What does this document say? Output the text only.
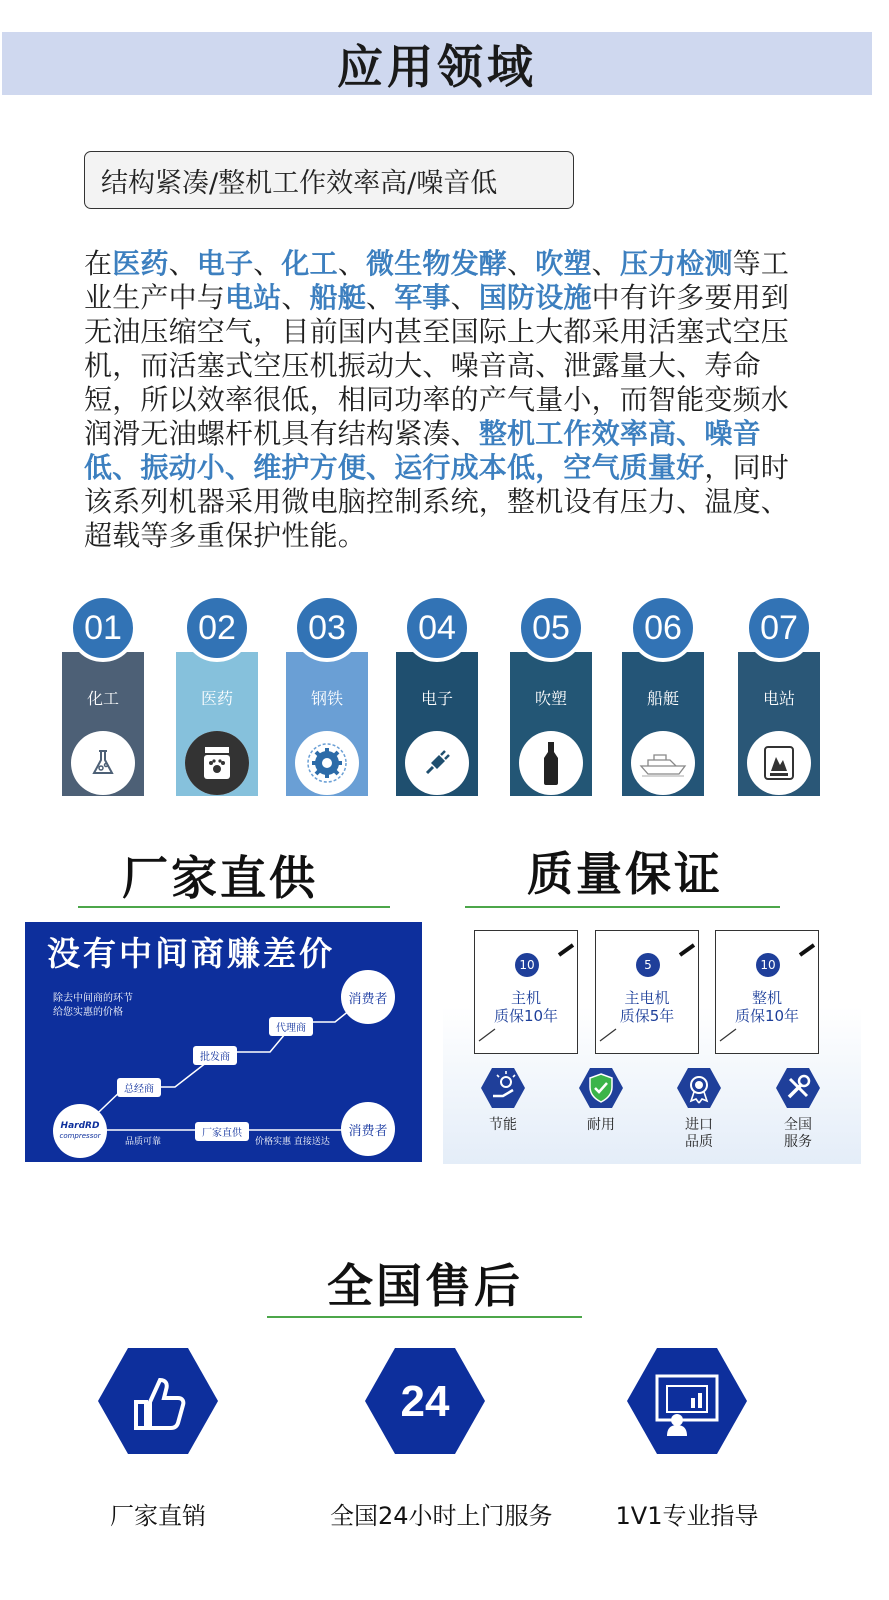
应用领域
结构紧凑/整机工作效率高/噪音低
在医药、电子、化工、微生物发酵、吹塑、压力检测等工业生产中与电站、船艇、军事、国防设施中有许多要用到无油压缩空气，目前国内甚至国际上大都采用活塞式空压机，而活塞式空压机振动大、噪音高、泄露量大、寿命短，所以效率很低，相同功率的产气量小，而智能变频水润滑无油螺杆机具有结构紧凑、整机工作效率高、噪音低、振动小、维护方便、运行成本低，空气质量好，同时该系列机器采用微电脑控制系统，整机设有压力、温度、超载等多重保护性能。
01
化工
02
医药
03
钢铁
04
电子
05
吹塑
06
船艇
07
电站
厂家直供
没有中间商赚差价
除去中间商的环节
给您实惠的价格
总经商
批发商
代理商
厂家直供
消费者
消费者
HardRD
compressor
品质可靠	价格实惠 直接送达
质量保证
10
主机
质保10年
5
主电机
质保5年
10
整机
质保10年
节能	耐用	进口
品质
全国
服务
全国售后
厂家直销
24
全国24小时上门服务	1V1专业指导
